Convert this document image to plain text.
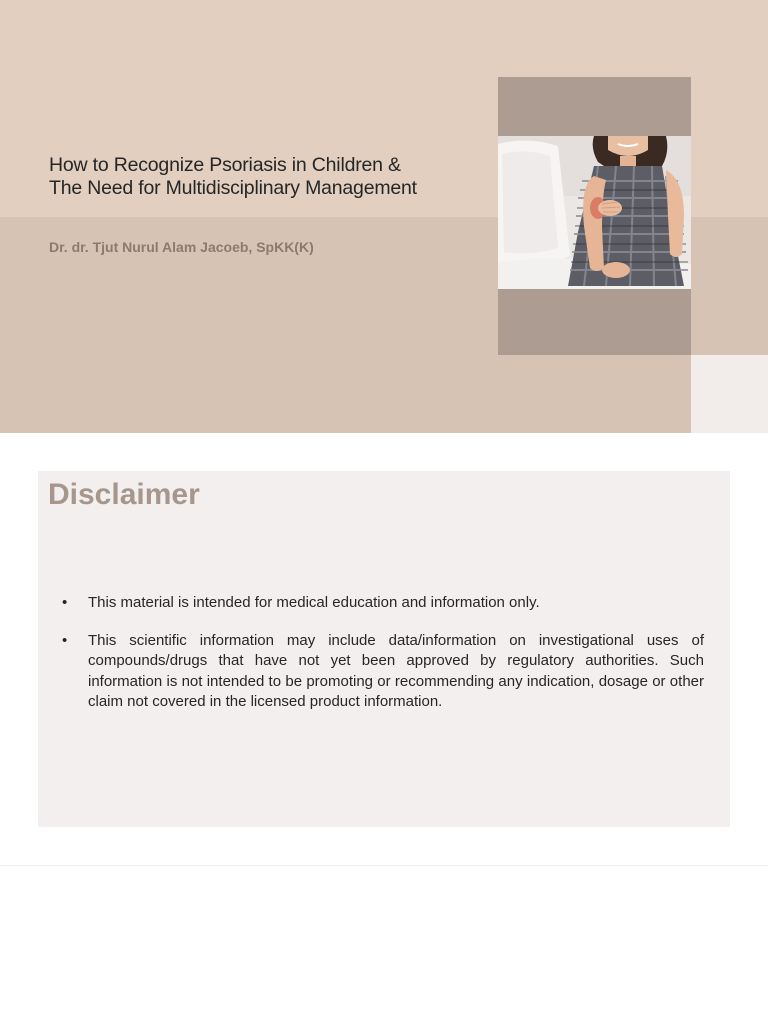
How to Recognize Psoriasis in Children &
The Need for Multidisciplinary Management

Dr. dr. Tjut Nurul Alam Jacoeb, SpKK(K)

Disclaimer
• This material is intended for medical education and information only.
• This scientific information may include data/information on investigational uses of compounds/drugs that have not yet been approved by regulatory authorities. Such information is not intended to be promoting or recommending any indication, dosage or other claim not covered in the licensed product information.
